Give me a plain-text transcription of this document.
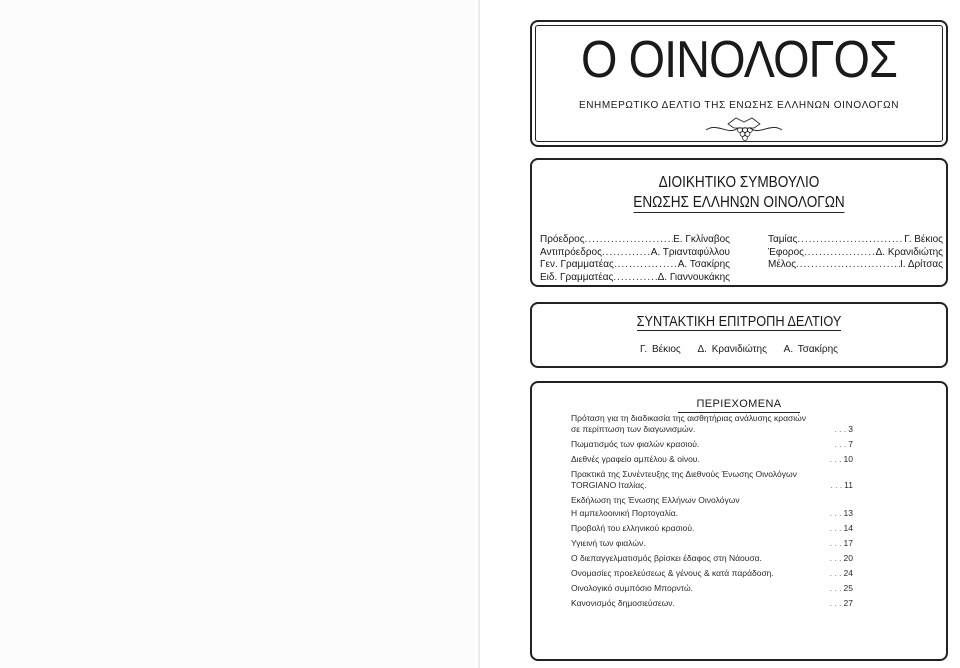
Ο ΟΙΝΟΛΟΓΟΣ
ΕΝΗΜΕΡΩΤΙΚΟ ΔΕΛΤΙΟ ΤΗΣ ΕΝΩΣΗΣ ΕΛΛΗΝΩΝ ΟΙΝΟΛΟΓΩΝ
ΔΙΟΙΚΗΤΙΚΟ ΣΥΜΒΟΥΛΙΟ
ΕΝΩΣΗΣ ΕΛΛΗΝΩΝ ΟΙΝΟΛΟΓΩΝ
Πρόεδρος .....	Ε. Γκλίναβος
Αντιπρόεδρος .....	Α. Τριανταφύλλου
Γεν. Γραμματέας .....	Α. Τσακίρης
Ειδ. Γραμματέας .....	Δ. Γιαννουκάκης
Ταμίας .....	Γ. Βέκιος
Έφορος .....	Δ. Κρανιδιώτης
Μέλος .....	Ι. Δρίτσας
ΣΥΝΤΑΚΤΙΚΗ ΕΠΙΤΡΟΠΗ ΔΕΛΤΙΟΥ
Γ. Βέκιος Δ. Κρανιδιώτης Α. Τσακίρης
ΠΕΡΙΕΧΟΜΕΝΑ
Πρόταση για τη διαδικασία της αισθητήριας ανάλυσης κρασιών σε περίπτωση των διαγωνισμών.	. . . 3
Πωματισμός των φιαλών κρασιού.	. . . 7
Διεθνές γραφείο αμπέλου & οίνου.	. . . 10
Πρακτικά της Συνέντευξης της Διεθνούς Ένωσης Οινολόγων TORGIANO Ιταλίας.	. . . 11
Εκδήλωση της Ένωσης Ελλήνων Οινολόγων
Η αμπελοοινική Πορτογαλία.	. . . 13
Προβολή του ελληνικού κρασιού.	. . . 14
Υγιεινή των φιαλών.	. . . 17
Ο διεπαγγελματισμός βρίσκει έδαφος στη Νάουσα.	. . . 20
Ονομασίες προελεύσεως & γένους & κατά παράδοση.	. . . 24
Οινολογικό συμπόσιο Μπορντώ.	. . . 25
Κανονισμός δημοσιεύσεων.	. . . 27
